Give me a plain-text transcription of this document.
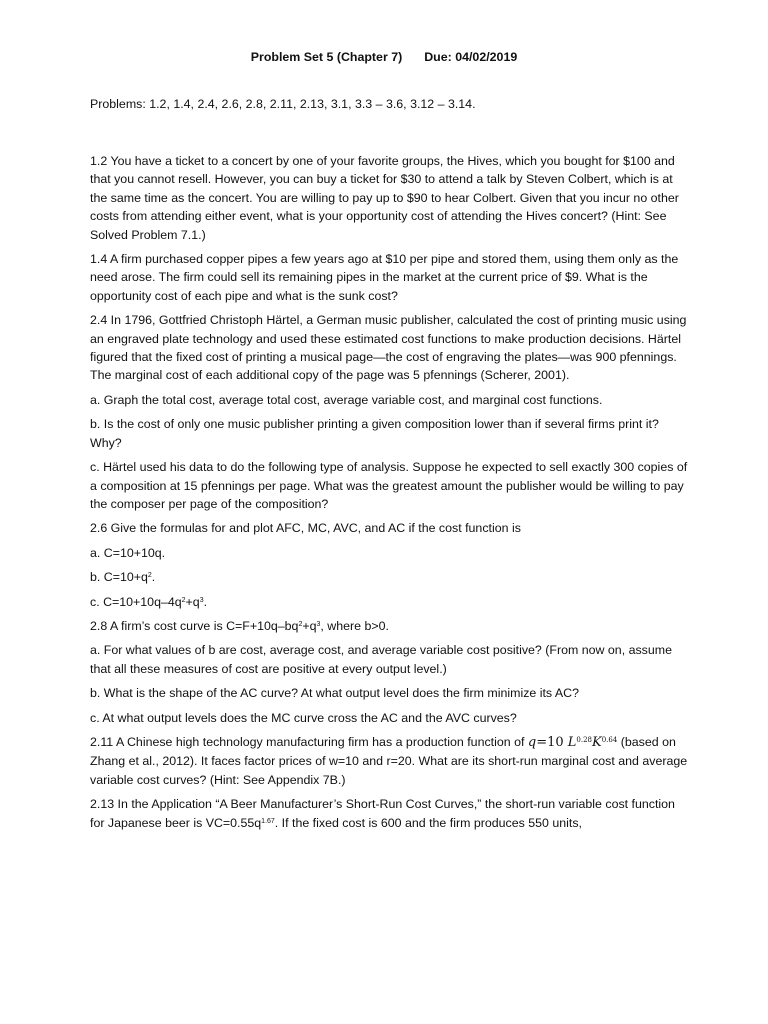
Problem Set 5 (Chapter 7) Due: 04/02/2019

Problems: 1.2, 1.4, 2.4, 2.6, 2.8, 2.11, 2.13, 3.1, 3.3 – 3.6, 3.12 – 3.14.

1.2 You have a ticket to a concert by one of your favorite groups, the Hives, which you bought for $100 and that you cannot resell. However, you can buy a ticket for $30 to attend a talk by Steven Colbert, which is at the same time as the concert. You are willing to pay up to $90 to hear Colbert. Given that you incur no other costs from attending either event, what is your opportunity cost of attending the Hives concert? (Hint: See Solved Problem 7.1.)

1.4 A firm purchased copper pipes a few years ago at $10 per pipe and stored them, using them only as the need arose. The firm could sell its remaining pipes in the market at the current price of $9. What is the opportunity cost of each pipe and what is the sunk cost?

2.4 In 1796, Gottfried Christoph Härtel, a German music publisher, calculated the cost of printing music using an engraved plate technology and used these estimated cost functions to make production decisions. Härtel figured that the fixed cost of printing a musical page—the cost of engraving the plates—was 900 pfennings. The marginal cost of each additional copy of the page was 5 pfennings (Scherer, 2001).

a. Graph the total cost, average total cost, average variable cost, and marginal cost functions.

b. Is the cost of only one music publisher printing a given composition lower than if several firms print it? Why?

c. Härtel used his data to do the following type of analysis. Suppose he expected to sell exactly 300 copies of a composition at 15 pfennings per page. What was the greatest amount the publisher would be willing to pay the composer per page of the composition?

2.6 Give the formulas for and plot AFC, MC, AVC, and AC if the cost function is

a. C=10+10q.

b. $C=10+q^2$.

c. $C=10+10q-4q^2+q^3$.

2.8 A firm’s cost curve is $C=F+10q-bq^2+q^3$, where b>0.

a. For what values of b are cost, average cost, and average variable cost positive? (From now on, assume that all these measures of cost are positive at every output level.)

b. What is the shape of the AC curve? At what output level does the firm minimize its AC?

c. At what output levels does the MC curve cross the AC and the AVC curves?

2.11 A Chinese high technology manufacturing firm has a production function of q=10 $L^{0.28}K^{0.64}$ (based on Zhang et al., 2012). It faces factor prices of w=10 and r=20. What are its short-run marginal cost and average variable cost curves? (Hint: See Appendix 7B.)

2.13 In the Application “A Beer Manufacturer’s Short-Run Cost Curves,” the short-run variable cost function for Japanese beer is $VC=0.55q^{1.67}$. If the fixed cost is 600 and the firm produces 550 units,
